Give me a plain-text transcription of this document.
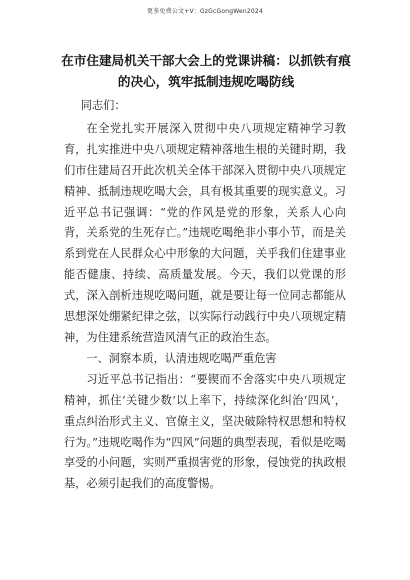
更多免费公文+V：GzGcGongWen2024

在市住建局机关干部大会上的党课讲稿：以抓铁有痕的决心，筑牢抵制违规吃喝防线

同志们：

在全党扎实开展深入贯彻中央八项规定精神学习教育，扎实推进中央八项规定精神落地生根的关键时期，我们市住建局召开此次机关全体干部深入贯彻中央八项规定精神、抵制违规吃喝大会，具有极其重要的现实意义。习近平总书记强调：“党的作风是党的形象，关系人心向背，关系党的生死存亡。”违规吃喝绝非小事小节，而是关系到党在人民群众心中形象的大问题，关乎我们住建事业能否健康、持续、高质量发展。今天，我们以党课的形式，深入剖析违规吃喝问题，就是要让每一位同志都能从思想深处绷紧纪律之弦，以实际行动践行中央八项规定精神，为住建系统营造风清气正的政治生态。

一、洞察本质，认清违规吃喝严重危害

习近平总书记指出：“要锲而不舍落实中央八项规定精神，抓住‘关键少数’以上率下，持续深化纠治‘四风’，重点纠治形式主义、官僚主义，坚决破除特权思想和特权行为。”违规吃喝作为“四风”问题的典型表现，看似是吃喝享受的小问题，实则严重损害党的形象，侵蚀党的执政根基，必须引起我们的高度警惕。
